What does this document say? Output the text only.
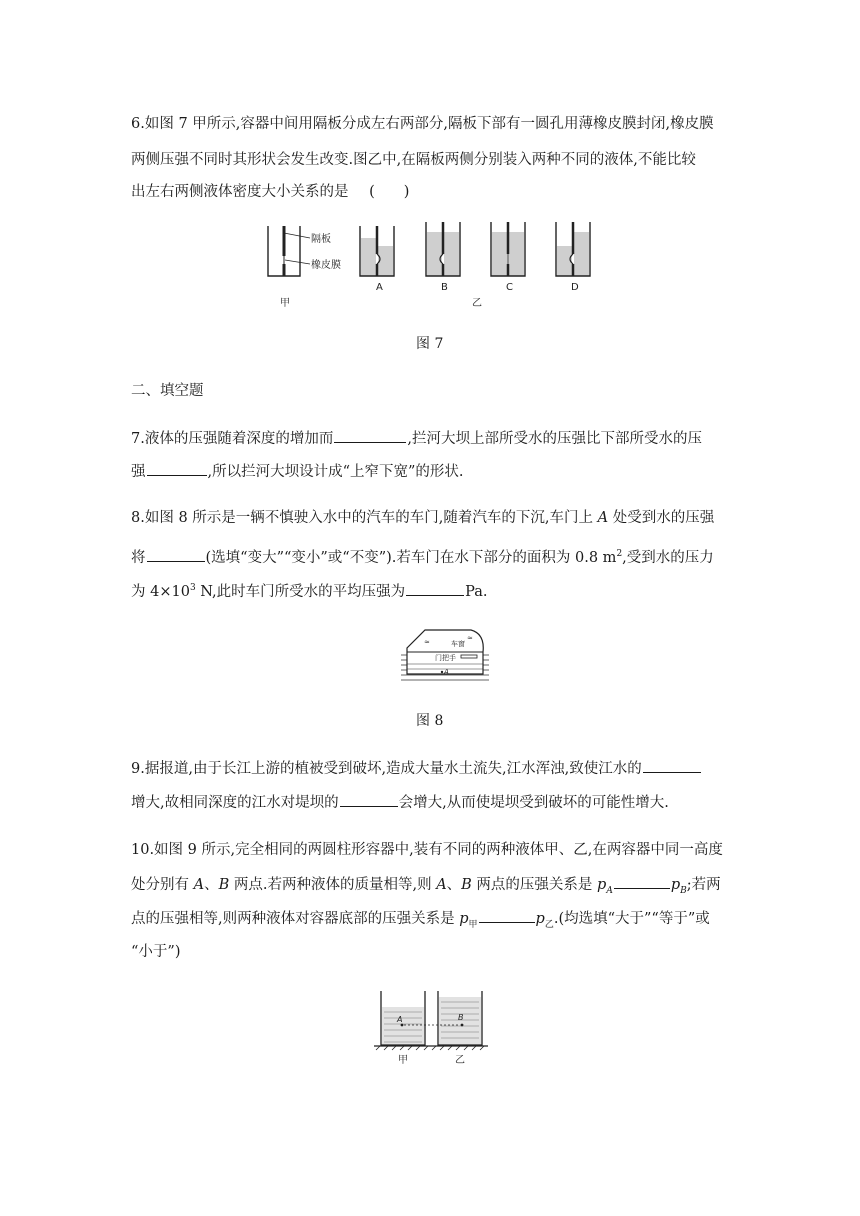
6.如图 7 甲所示,容器中间用隔板分成左右两部分,隔板下部有一圆孔用薄橡皮膜封闭,橡皮膜
两侧压强不同时其形状会发生改变.图乙中,在隔板两侧分别装入两种不同的液体,不能比较
出左右两侧液体密度大小关系的是 (　　)
隔板
橡皮膜
甲
A	B	C	D
乙
图 7
二、填空题
7.液体的压强随着深度的增加而	,拦河大坝上部所受水的压强比下部所受水的压
强	,所以拦河大坝设计成“上窄下宽”的形状.
8.如图 8 所示是一辆不慎驶入水中的汽车的车门,随着汽车的下沉,车门上 A 处受到水的压强
将	(选填“变大”“变小”或“不变”).若车门在水下部分的面积为 0.8 $m^2$,受到水的压力
为 $4\times 10^3$ N,此时车门所受水的平均压强为	Pa.
≈	≈
车窗
门把手
A
图 8
9.据报道,由于长江上游的植被受到破坏,造成大量水土流失,江水浑浊,致使江水的
增大,故相同深度的江水对堤坝的	会增大,从而使堤坝受到破坏的可能性增大.
10.如图 9 所示,完全相同的两圆柱形容器中,装有不同的两种液体甲、乙,在两容器中同一高度
处分别有 A、B 两点.若两种液体的质量相等,则 A、B 两点的压强关系是 $p_A$	$p_B$;若两
点的压强相等,则两种液体对容器底部的压强关系是 $p_甲$	$p_乙$.(均选填“大于”“等于”或
“小于”)
A	B
甲	乙
